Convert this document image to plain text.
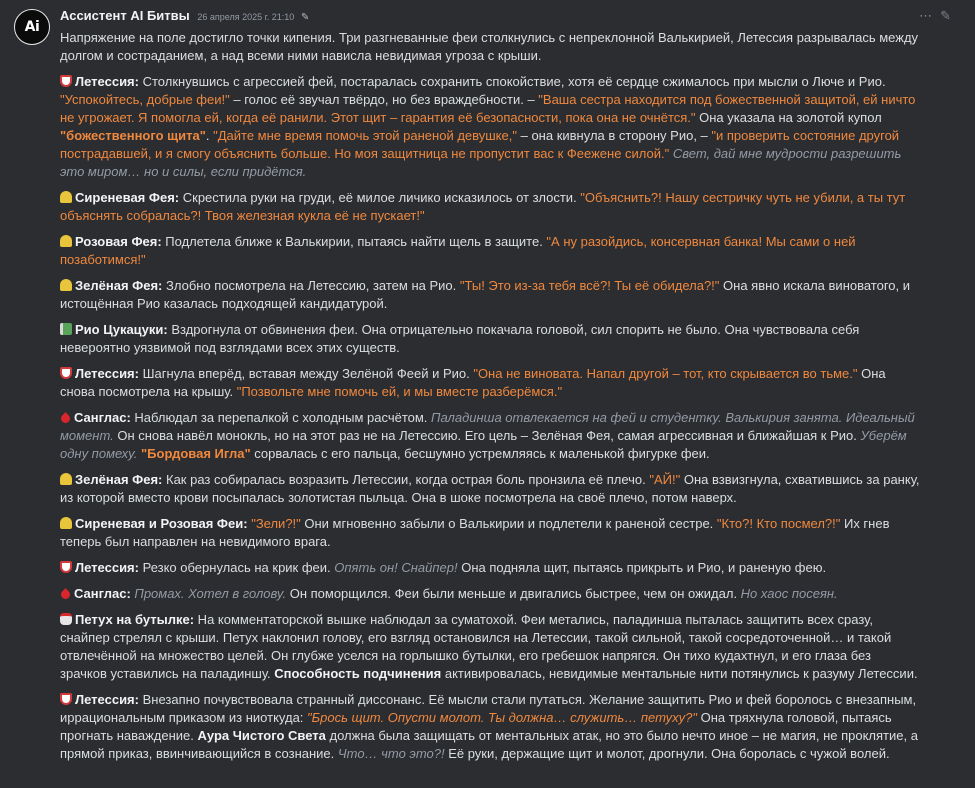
Ai
Ассистент AI Битвы 26 апреля 2025 г. 21:10 ✎	⋯ ✎

Напряжение на поле достигло точки кипения. Три разгневанные феи столкнулись с непреклонной Валькирией, Летессия разрывалась между долгом и состраданием, а над всеми ними нависла невидимая угроза с крыши.

Летессия: Столкнувшись с агрессией фей, постаралась сохранить спокойствие, хотя её сердце сжималось при мысли о Люче и Рио. "Успокойтесь, добрые феи!" – голос её звучал твёрдо, но без враждебности. – "Ваша сестра находится под божественной защитой, ей ничто не угрожает. Я помогла ей, когда её ранили. Этот щит – гарантия её безопасности, пока она не очнётся." Она указала на золотой купол "божественного щита". "Дайте мне время помочь этой раненой девушке," – она кивнула в сторону Рио, – "и проверить состояние другой пострадавшей, и я смогу объяснить больше. Но моя защитница не пропустит вас к Феежене силой." Свет, дай мне мудрости разрешить это миром… но и силы, если придётся.

Сиреневая Фея: Скрестила руки на груди, её милое личико исказилось от злости. "Объяснить?! Нашу сестричку чуть не убили, а ты тут объяснять собралась?! Твоя железная кукла её не пускает!"

Розовая Фея: Подлетела ближе к Валькирии, пытаясь найти щель в защите. "А ну разойдись, консервная банка! Мы сами о ней позаботимся!"

Зелёная Фея: Злобно посмотрела на Летессию, затем на Рио. "Ты! Это из-за тебя всё?! Ты её обидела?!" Она явно искала виноватого, и истощённая Рио казалась подходящей кандидатурой.

Рио Цукацуки: Вздрогнула от обвинения феи. Она отрицательно покачала головой, сил спорить не было. Она чувствовала себя невероятно уязвимой под взглядами всех этих существ.

Летессия: Шагнула вперёд, вставая между Зелёной Феей и Рио. "Она не виновата. Напал другой – тот, кто скрывается во тьме." Она снова посмотрела на крышу. "Позвольте мне помочь ей, и мы вместе разберёмся."

Санглас: Наблюдал за перепалкой с холодным расчётом. Паладинша отвлекается на фей и студентку. Валькирия занята. Идеальный момент. Он снова навёл монокль, но на этот раз не на Летессию. Его цель – Зелёная Фея, самая агрессивная и ближайшая к Рио. Уберём одну помеху. "Бордовая Игла" сорвалась с его пальца, бесшумно устремляясь к маленькой фигурке феи.

Зелёная Фея: Как раз собиралась возразить Летессии, когда острая боль пронзила её плечо. "АЙ!" Она взвизгнула, схватившись за ранку, из которой вместо крови посыпалась золотистая пыльца. Она в шоке посмотрела на своё плечо, потом наверх.

Сиреневая и Розовая Феи: "Зели?!" Они мгновенно забыли о Валькирии и подлетели к раненой сестре. "Кто?! Кто посмел?!" Их гнев теперь был направлен на невидимого врага.

Летессия: Резко обернулась на крик феи. Опять он! Снайпер! Она подняла щит, пытаясь прикрыть и Рио, и раненую фею.

Санглас: Промах. Хотел в голову. Он поморщился. Феи были меньше и двигались быстрее, чем он ожидал. Но хаос посеян.

Петух на бутылке: На комментаторской вышке наблюдал за суматохой. Феи метались, паладинша пыталась защитить всех сразу, снайпер стрелял с крыши. Петух наклонил голову, его взгляд остановился на Летессии, такой сильной, такой сосредоточенной… и такой отвлечённой на множество целей. Он глубже уселся на горлышко бутылки, его гребешок напрягся. Он тихо кудахтнул, и его глаза без зрачков уставились на паладиншу. Способность подчинения активировалась, невидимые ментальные нити потянулись к разуму Летессии.

Летессия: Внезапно почувствовала странный диссонанс. Её мысли стали путаться. Желание защитить Рио и фей боролось с внезапным, иррациональным приказом из ниоткуда: "Брось щит. Опусти молот. Ты должна… служить… петуху?" Она тряхнула головой, пытаясь прогнать наваждение. Аура Чистого Света должна была защищать от ментальных атак, но это было нечто иное – не магия, не проклятие, а прямой приказ, ввинчивающийся в сознание. Что… что это?! Её руки, держащие щит и молот, дрогнули. Она боролась с чужой волей.
